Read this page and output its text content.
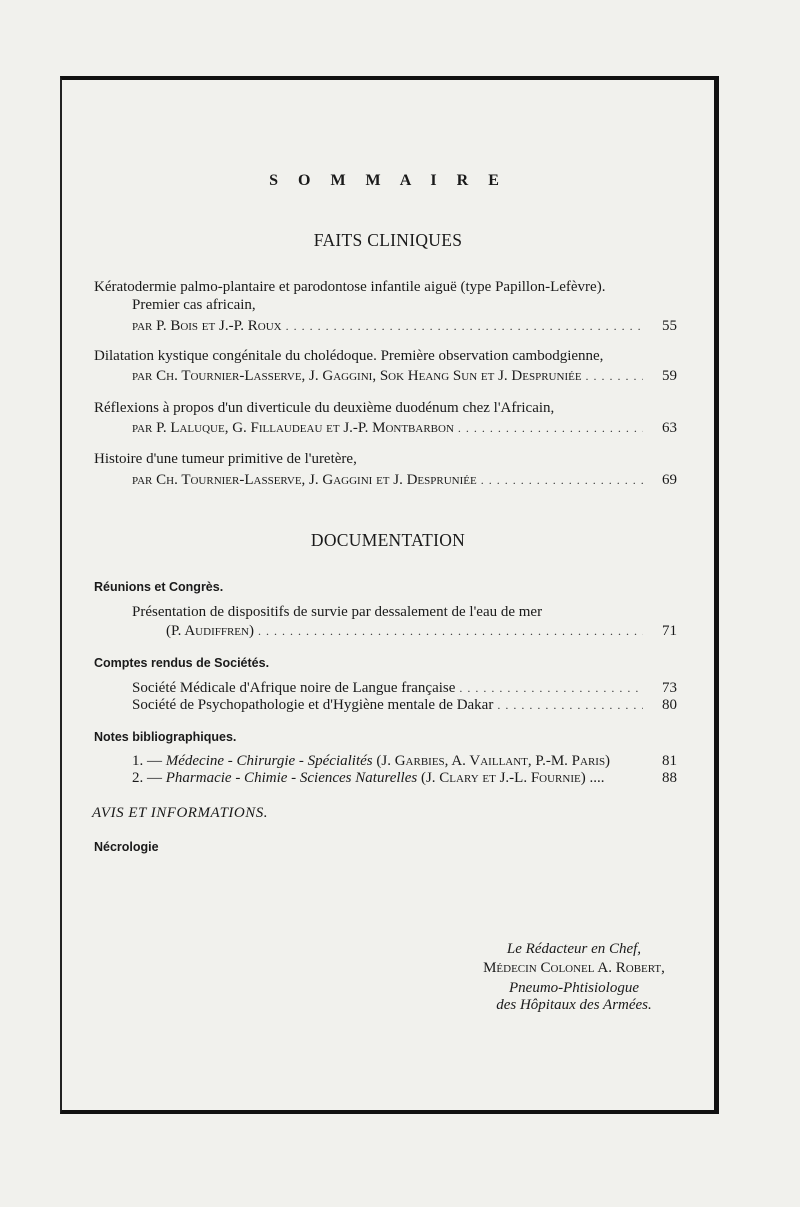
S O M M A I R E
FAITS CLINIQUES
Kératodermie palmo-plantaire et parodontose infantile aiguë (type Papillon-Lefèvre).
Premier cas africain,
par P. Bois et J.-P. Roux . . .	55
Dilatation kystique congénitale du cholédoque. Première observation cambodgienne,
par Ch. Tournier-Lasserve, J. Gaggini, Sok Heang Sun et J. Despruniée . . .	59
Réflexions à propos d'un diverticule du deuxième duodénum chez l'Africain,
par P. Laluque, G. Fillaudeau et J.-P. Montbarbon . . .	63
Histoire d'une tumeur primitive de l'uretère,
par Ch. Tournier-Lasserve, J. Gaggini et J. Despruniée . . .	69
DOCUMENTATION
Réunions et Congrès.
Présentation de dispositifs de survie par dessalement de l'eau de mer
(P. Audiffren) . . .	71
Comptes rendus de Sociétés.
Société Médicale d'Afrique noire de Langue française . . .	73
Société de Psychopathologie et d'Hygiène mentale de Dakar . . .	80
Notes bibliographiques.
1. —
Médecine - Chirurgie - Spécialités
(J. Garbies, A. Vaillant, P.-M. Paris)	81
2. —
Pharmacie - Chimie - Sciences Naturelles
(J. Clary et J.-L. Fournie) ....	88
AVIS ET INFORMATIONS.
Nécrologie
Le Rédacteur en Chef,
Médecin Colonel A. Robert,
Pneumo-Phtisiologue
des Hôpitaux des Armées.
